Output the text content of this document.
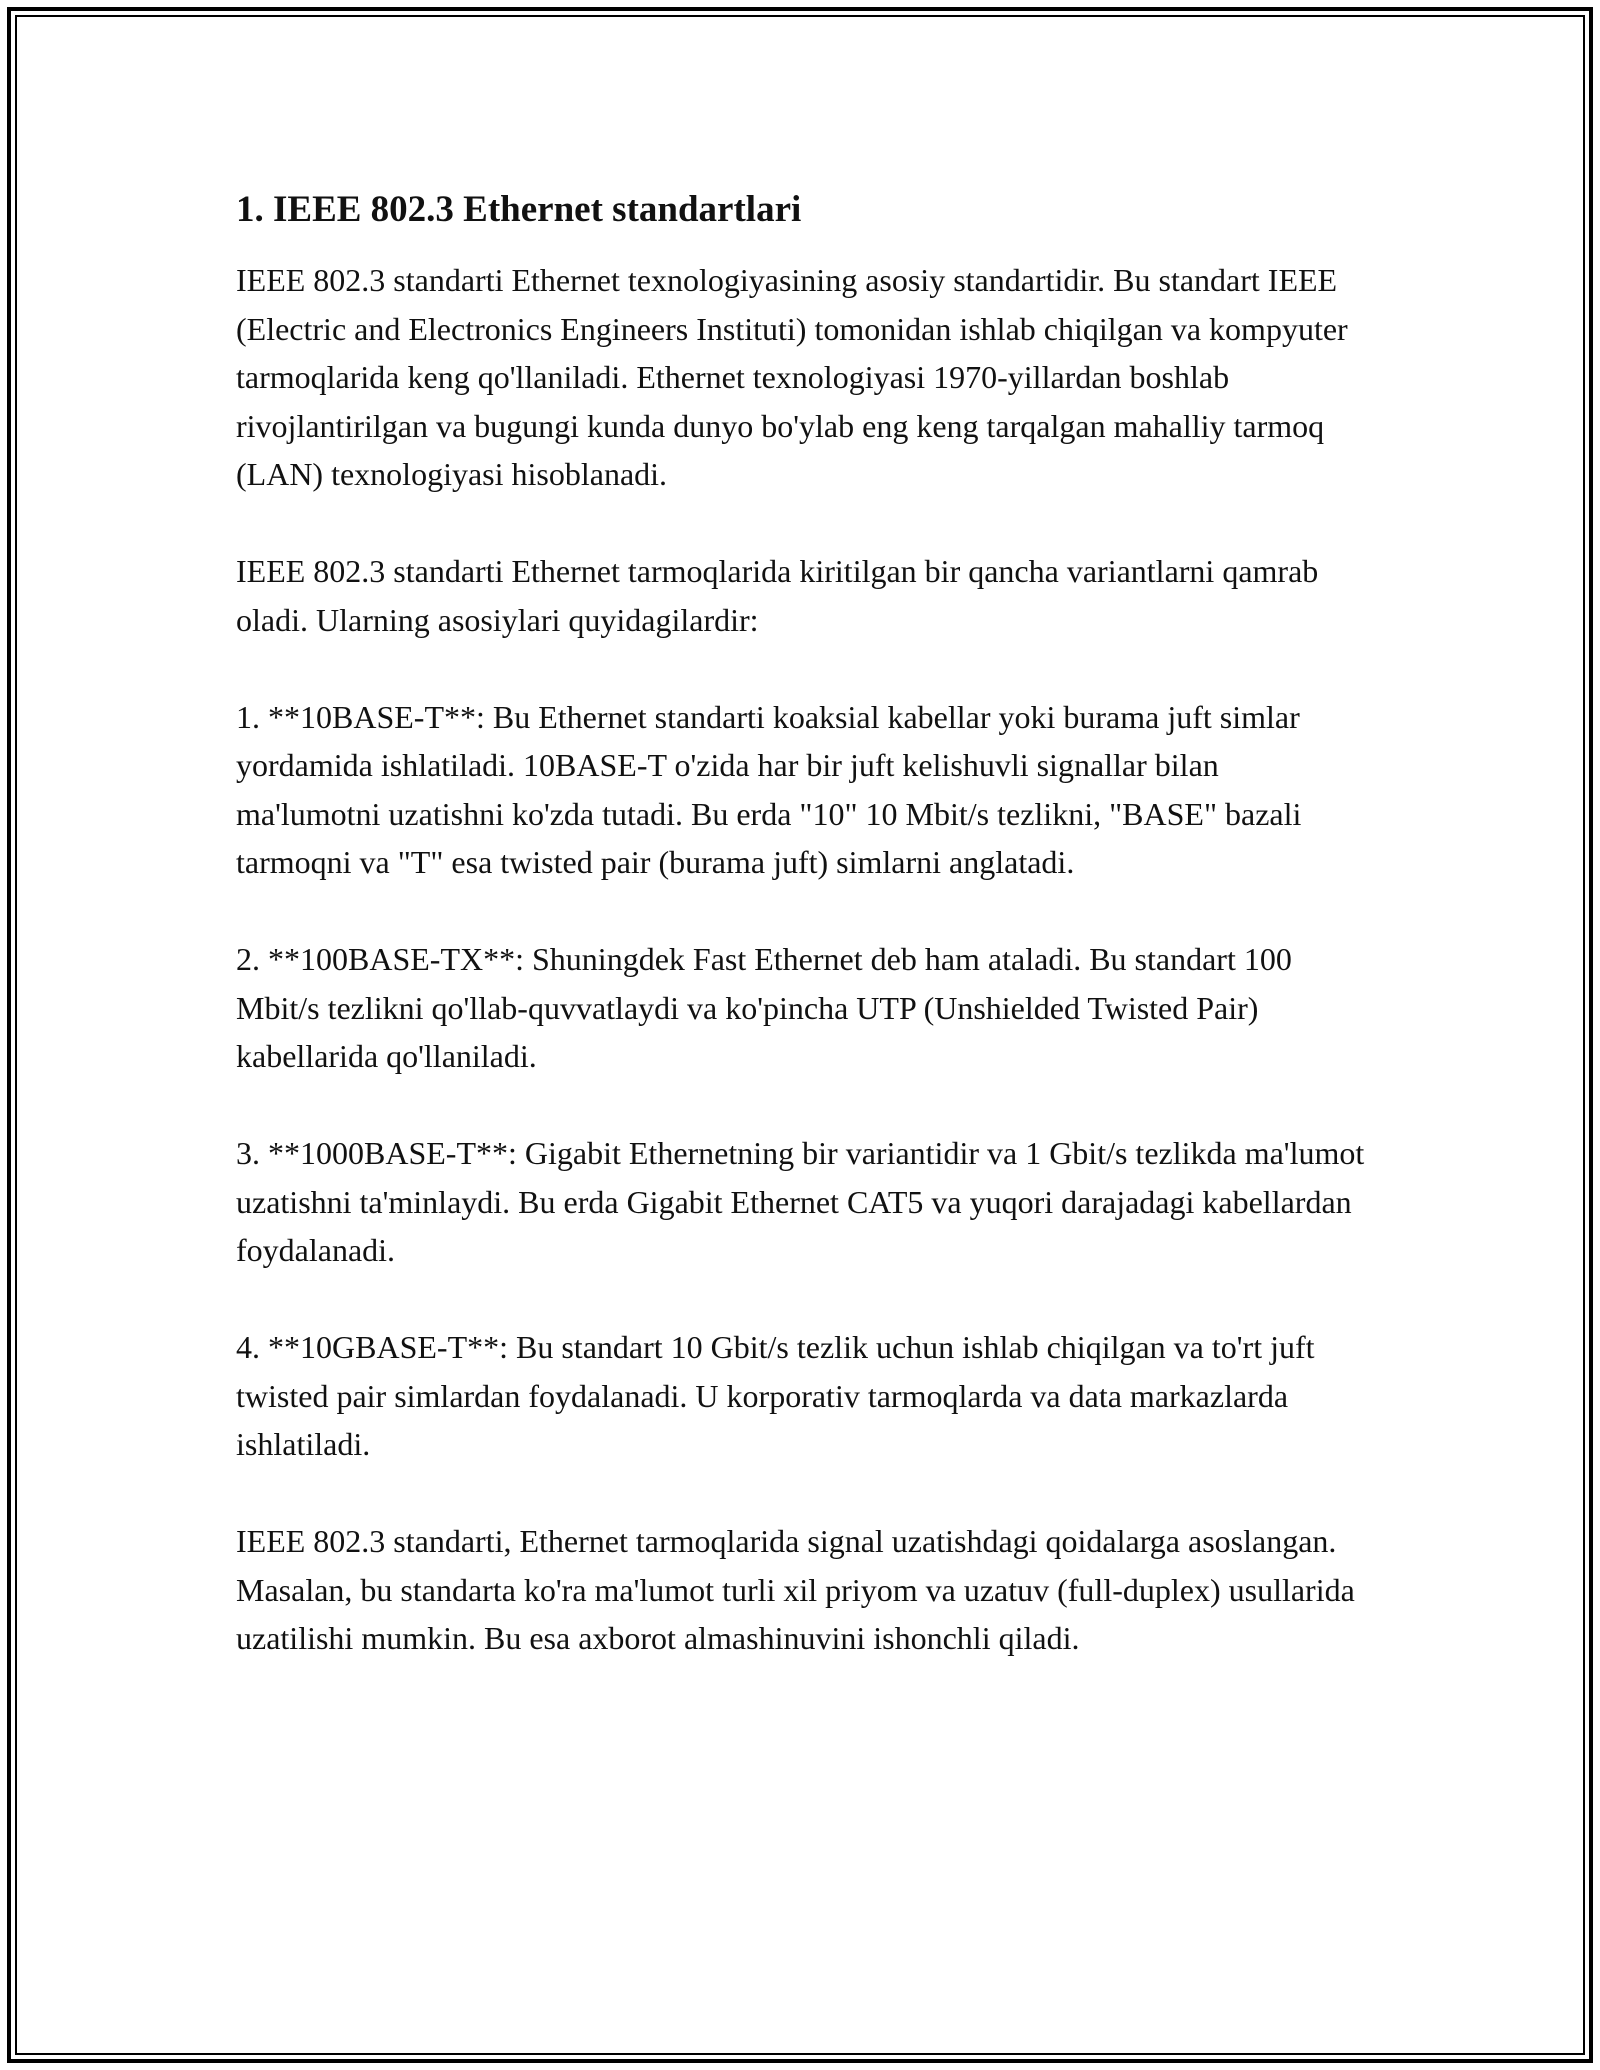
1. IEEE 802.3 Ethernet standartlari

IEEE 802.3 standarti Ethernet texnologiyasining asosiy standartidir. Bu standart IEEE (Electric and Electronics Engineers Instituti) tomonidan ishlab chiqilgan va kompyuter tarmoqlarida keng qo'llaniladi. Ethernet texnologiyasi 1970-yillardan boshlab rivojlantirilgan va bugungi kunda dunyo bo'ylab eng keng tarqalgan mahalliy tarmoq (LAN) texnologiyasi hisoblanadi.

IEEE 802.3 standarti Ethernet tarmoqlarida kiritilgan bir qancha variantlarni qamrab oladi. Ularning asosiylari quyidagilardir:

1. **10BASE-T**: Bu Ethernet standarti koaksial kabellar yoki burama juft simlar yordamida ishlatiladi. 10BASE-T o'zida har bir juft kelishuvli signallar bilan ma'lumotni uzatishni ko'zda tutadi. Bu erda "10" 10 Mbit/s tezlikni, "BASE" bazali tarmoqni va "T" esa twisted pair (burama juft) simlarni anglatadi.

2. **100BASE-TX**: Shuningdek Fast Ethernet deb ham ataladi. Bu standart 100 Mbit/s tezlikni qo'llab-quvvatlaydi va ko'pincha UTP (Unshielded Twisted Pair) kabellarida qo'llaniladi.

3. **1000BASE-T**: Gigabit Ethernetning bir variantidir va 1 Gbit/s tezlikda ma'lumot uzatishni ta'minlaydi. Bu erda Gigabit Ethernet CAT5 va yuqori darajadagi kabellardan foydalanadi.

4. **10GBASE-T**: Bu standart 10 Gbit/s tezlik uchun ishlab chiqilgan va to'rt juft twisted pair simlardan foydalanadi. U korporativ tarmoqlarda va data markazlarda ishlatiladi.

IEEE 802.3 standarti, Ethernet tarmoqlarida signal uzatishdagi qoidalarga asoslangan. Masalan, bu standarta ko'ra ma'lumot turli xil priyom va uzatuv (full-duplex) usullarida uzatilishi mumkin. Bu esa axborot almashinuvini ishonchli qiladi.
